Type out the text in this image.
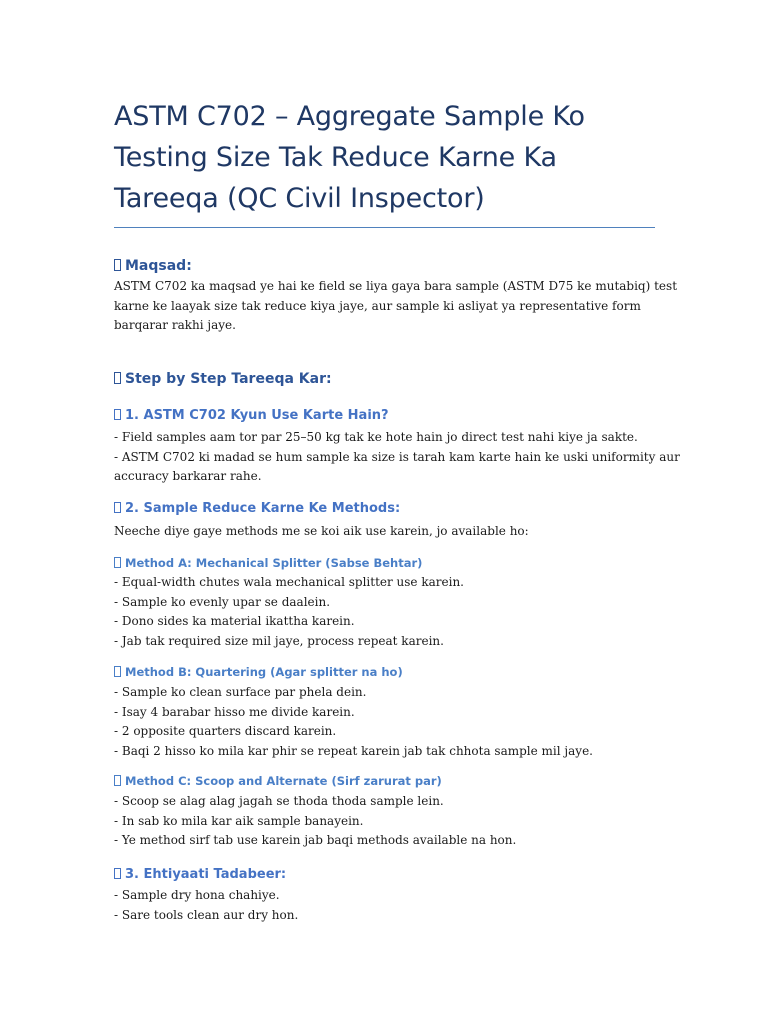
ASTM C702 – Aggregate Sample Ko
Testing Size Tak Reduce Karne Ka
Tareeqa (QC Civil Inspector)
Maqsad:

ASTM C702 ka maqsad ye hai ke field se liya gaya bara sample (ASTM D75 ke mutabiq) test
karne ke laayak size tak reduce kiya jaye, aur sample ki asliyat ya representative form
barqarar rakhi jaye.

Step by Step Tareeqa Kar:
1. ASTM C702 Kyun Use Karte Hain?

- Field samples aam tor par 25–50 kg tak ke hote hain jo direct test nahi kiye ja sakte.
- ASTM C702 ki madad se hum sample ka size is tarah kam karte hain ke uski uniformity aur
accuracy barkarar rahe.

2. Sample Reduce Karne Ke Methods:

Neeche diye gaye methods me se koi aik use karein, jo available ho:

Method A: Mechanical Splitter (Sabse Behtar)

- Equal-width chutes wala mechanical splitter use karein.
- Sample ko evenly upar se daalein.
- Dono sides ka material ikattha karein.
- Jab tak required size mil jaye, process repeat karein.

Method B: Quartering (Agar splitter na ho)

- Sample ko clean surface par phela dein.
- Isay 4 barabar hisso me divide karein.
- 2 opposite quarters discard karein.
- Baqi 2 hisso ko mila kar phir se repeat karein jab tak chhota sample mil jaye.

Method C: Scoop and Alternate (Sirf zarurat par)

- Scoop se alag alag jagah se thoda thoda sample lein.
- In sab ko mila kar aik sample banayein.
- Ye method sirf tab use karein jab baqi methods available na hon.

3. Ehtiyaati Tadabeer:

- Sample dry hona chahiye.
- Sare tools clean aur dry hon.
